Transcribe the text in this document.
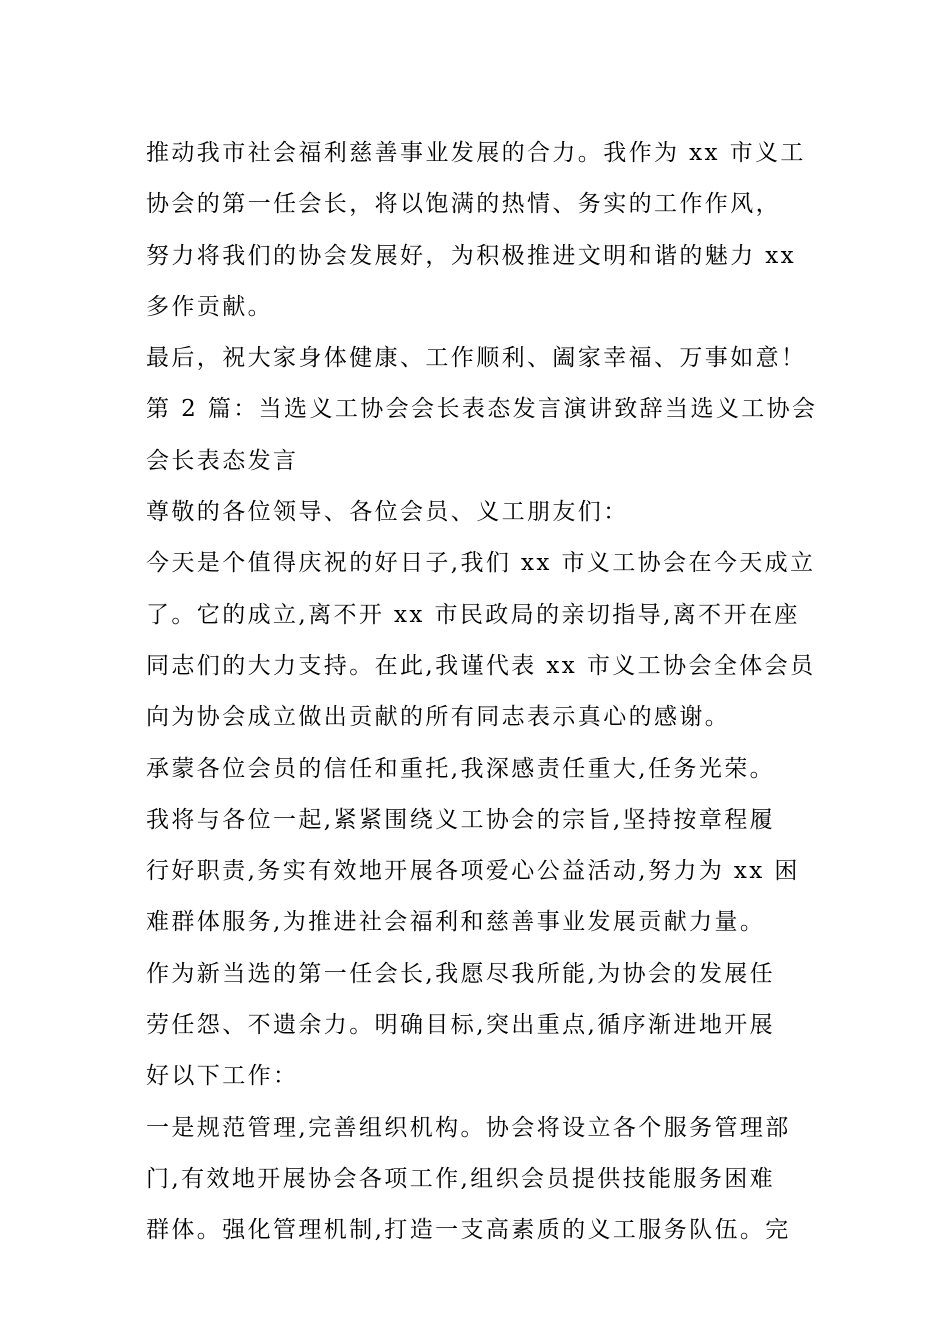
推动我市社会福利慈善事业发展的合力。我作为 xx 市义工
协会的第一任会长，将以饱满的热情、务实的工作作风，
努力将我们的协会发展好，为积极推进文明和谐的魅力 xx
多作贡献。
最后，祝大家身体健康、工作顺利、阖家幸福、万事如意！
第 2 篇：当选义工协会会长表态发言演讲致辞当选义工协会
会长表态发言
尊敬的各位领导、各位会员、义工朋友们：
今天是个值得庆祝的好日子,我们 xx 市义工协会在今天成立
了。它的成立,离不开 xx 市民政局的亲切指导,离不开在座
同志们的大力支持。在此,我谨代表 xx 市义工协会全体会员
向为协会成立做出贡献的所有同志表示真心的感谢。
承蒙各位会员的信任和重托,我深感责任重大,任务光荣。
我将与各位一起,紧紧围绕义工协会的宗旨,坚持按章程履
行好职责,务实有效地开展各项爱心公益活动,努力为 xx 困
难群体服务,为推进社会福利和慈善事业发展贡献力量。
作为新当选的第一任会长,我愿尽我所能,为协会的发展任
劳任怨、不遗余力。明确目标,突出重点,循序渐进地开展
好以下工作：
一是规范管理,完善组织机构。协会将设立各个服务管理部
门,有效地开展协会各项工作,组织会员提供技能服务困难
群体。强化管理机制,打造一支高素质的义工服务队伍。完
